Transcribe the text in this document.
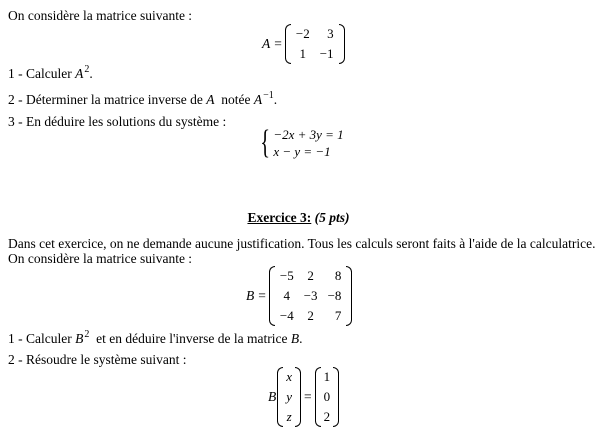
On considère la matrice suivante :
A =
−2	3
1	−1
1 - Calculer $A^2$.
2 - Déterminer la matrice inverse de A  notée $A^{-1}$.
3 - En déduire les solutions du système :
{ −2x + 3y = 1
x − y = −1
Exercice 3: (5 pts)
Dans cet exercice, on ne demande aucune justification. Tous les calculs seront faits à l'aide de la calculatrice.
On considère la matrice suivante :
B =
−5	2	8
4	−3	−8
−4	2	7
1 - Calculer $B^2$  et en déduire l'inverse de la matrice B.
2 - Résoudre le système suivant :
B
x
y
z
=
1
0
2
